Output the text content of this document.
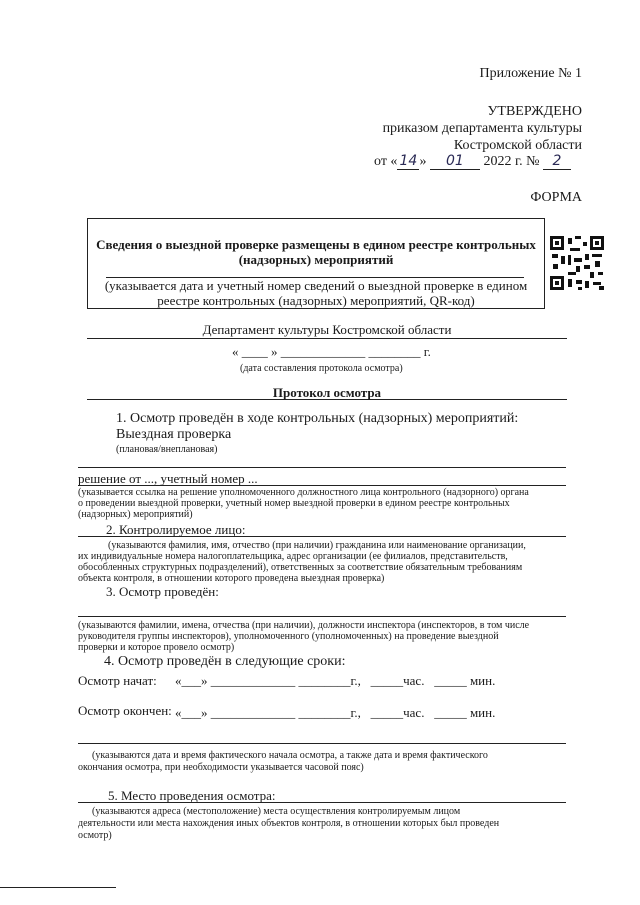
Приложение № 1
УТВЕРЖДЕНО
приказом департамента культуры
Костромской области
от « 14 » 01 2022 г. № 2
ФОРМА
Сведения о выездной проверке размещены в едином реестре контрольных (надзорных) мероприятий
(указывается дата и учетный номер сведений о выездной проверке в едином
реестре контрольных (надзорных) мероприятий, QR-код)
Департамент культуры Костромской области
« ____ » _____________ ________ г.
(дата составления протокола осмотра)
Протокол осмотра
1. Осмотр проведён в ходе контрольных (надзорных) мероприятий:
Выездная проверка
(плановая/внеплановая)
решение от ..., учетный номер ...
(указывается ссылка на решение уполномоченного должностного лица контрольного (надзорного) органа
о проведении выездной проверки, учетный номер выездной проверки в едином реестре контрольных
(надзорных) мероприятий)
2. Контролируемое лицо:
(указываются фамилия, имя, отчество (при наличии) гражданина или наименование организации,
их индивидуальные номера налогоплательщика, адрес организации (ее филиалов, представительств,
обособленных структурных подразделений), ответственных за соответствие обязательным требованиям
объекта контроля, в отношении которого проведена выездная проверка)
3. Осмотр проведён:
(указываются фамилии, имена, отчества (при наличии), должности инспектора (инспекторов, в том числе
руководителя группы инспекторов), уполномоченного (уполномоченных) на проведение выездной
проверки и которое провело осмотр)
4. Осмотр проведён в следующие сроки:
Осмотр начат: «___» _____________ ________г.,   _____час.   _____ мин.
Осмотр окончен: «___» _____________ ________г.,   _____час.   _____ мин.
(указываются дата и время фактического начала осмотра, а также дата и время фактического
окончания осмотра, при необходимости указывается часовой пояс)
5. Место проведения осмотра:
(указываются адреса (местоположение) места осуществления контролируемым лицом
деятельности или места нахождения иных объектов контроля, в отношении которых был проведен
осмотр)
